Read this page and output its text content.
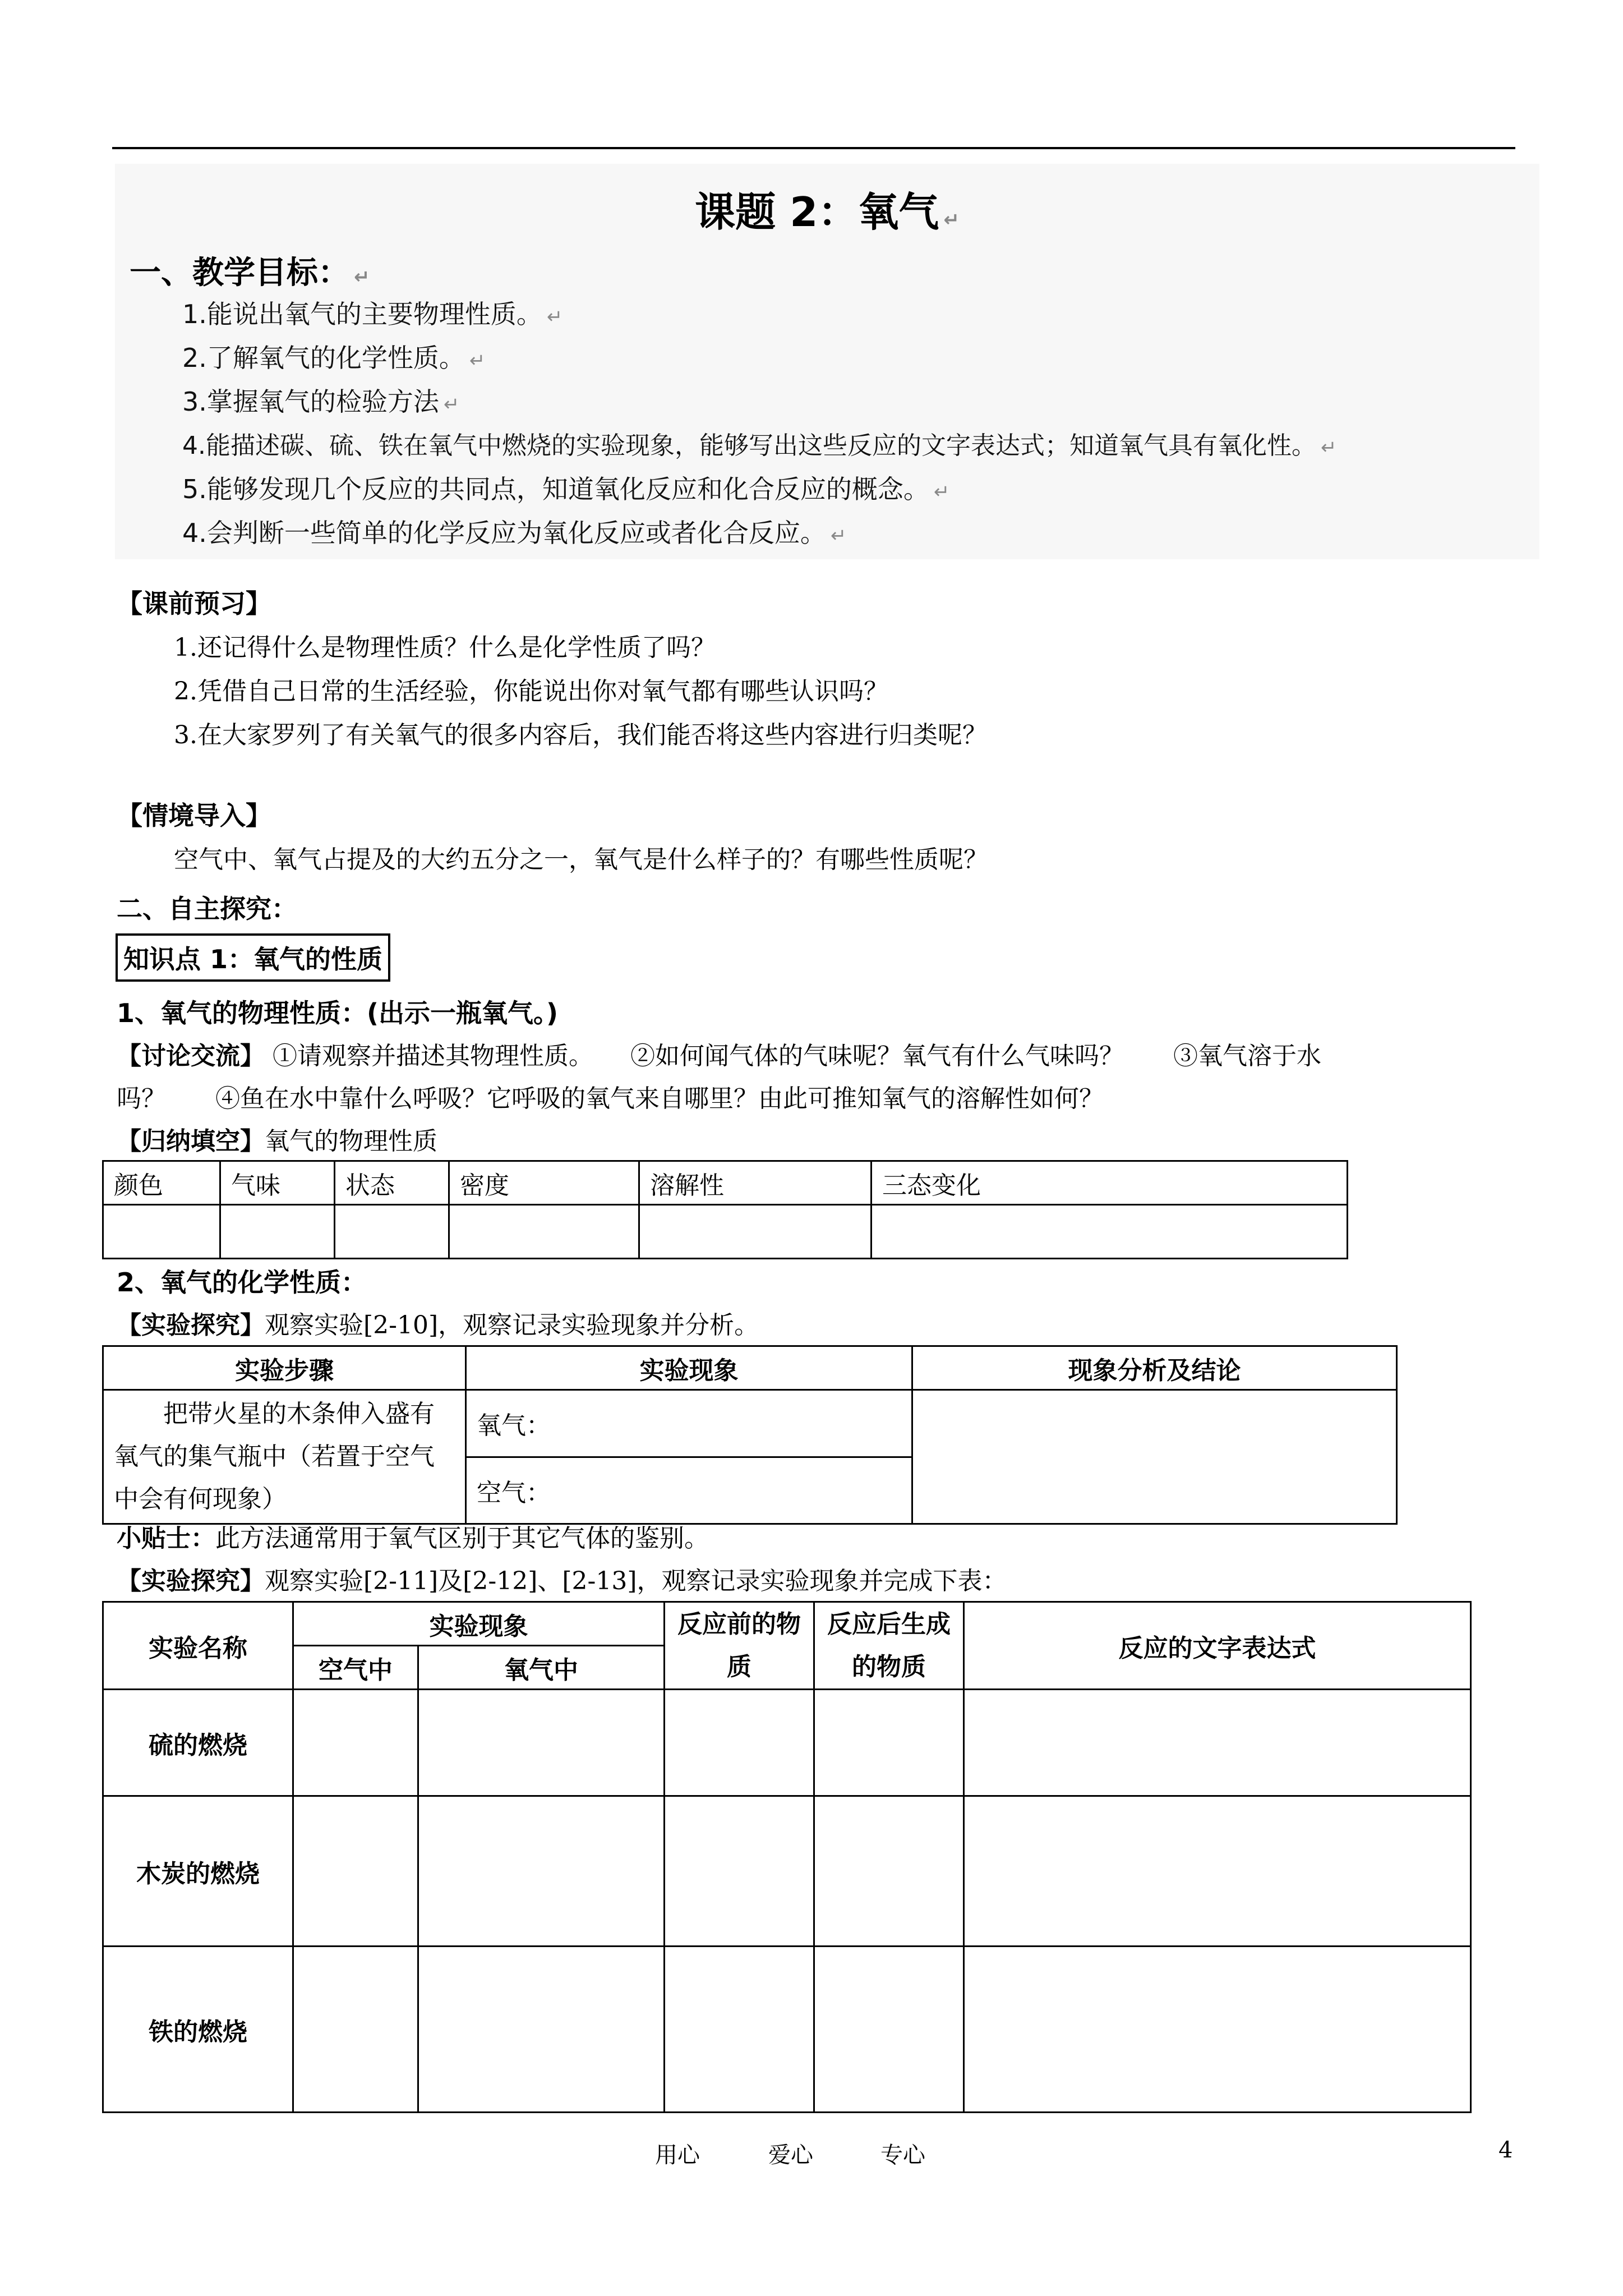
课题 2：氧气 ↵
一、教学目标： ↵
1.能说出氧气的主要物理性质。 ↵
2.了解氧气的化学性质。 ↵
3.掌握氧气的检验方法 ↵
4.能描述碳、硫、铁在氧气中燃烧的实验现象，能够写出这些反应的文字表达式；知道氧气具有氧化性。 ↵
5.能够发现几个反应的共同点，知道氧化反应和化合反应的概念。 ↵
4.会判断一些简单的化学反应为氧化反应或者化合反应。 ↵
【课前预习】
1.还记得什么是物理性质？什么是化学性质了吗？
2.凭借自己日常的生活经验，你能说出你对氧气都有哪些认识吗？
3.在大家罗列了有关氧气的很多内容后，我们能否将这些内容进行归类呢？
【情境导入】
空气中、氧气占提及的大约五分之一，氧气是什么样子的？有哪些性质呢？
二、自主探究：
知识点 1：氧气的性质
1、氧气的物理性质：(出示一瓶氧气。)
【讨论交流】 ①请观察并描述其物理性质。　　②如何闻气体的气味呢？氧气有什么气味吗？　　③氧气溶于水
吗？　　④鱼在水中靠什么呼吸？它呼吸的氧气来自哪里？由此可推知氧气的溶解性如何？
【归纳填空】氧气的物理性质
颜色	气味	状态	密度	溶解性	三态变化

2、氧气的化学性质：
【实验探究】观察实验[2-10]，观察记录实验现象并分析。
实验步骤	实验现象	现象分析及结论
　　把带火星的木条伸入盛有氧气的集气瓶中（若置于空气中会有何现象）	氧气：	
	空气：	
小贴士：此方法通常用于氧气区别于其它气体的鉴别。
【实验探究】观察实验[2-11]及[2-12]、[2-13]，观察记录实验现象并完成下表：
实验名称	实验现象		反应前的物质	反应后生成的物质	反应的文字表达式
	空气中	氧气中			
硫的燃烧					
木炭的燃烧					
铁的燃烧					
用心	爱心	专心	4
